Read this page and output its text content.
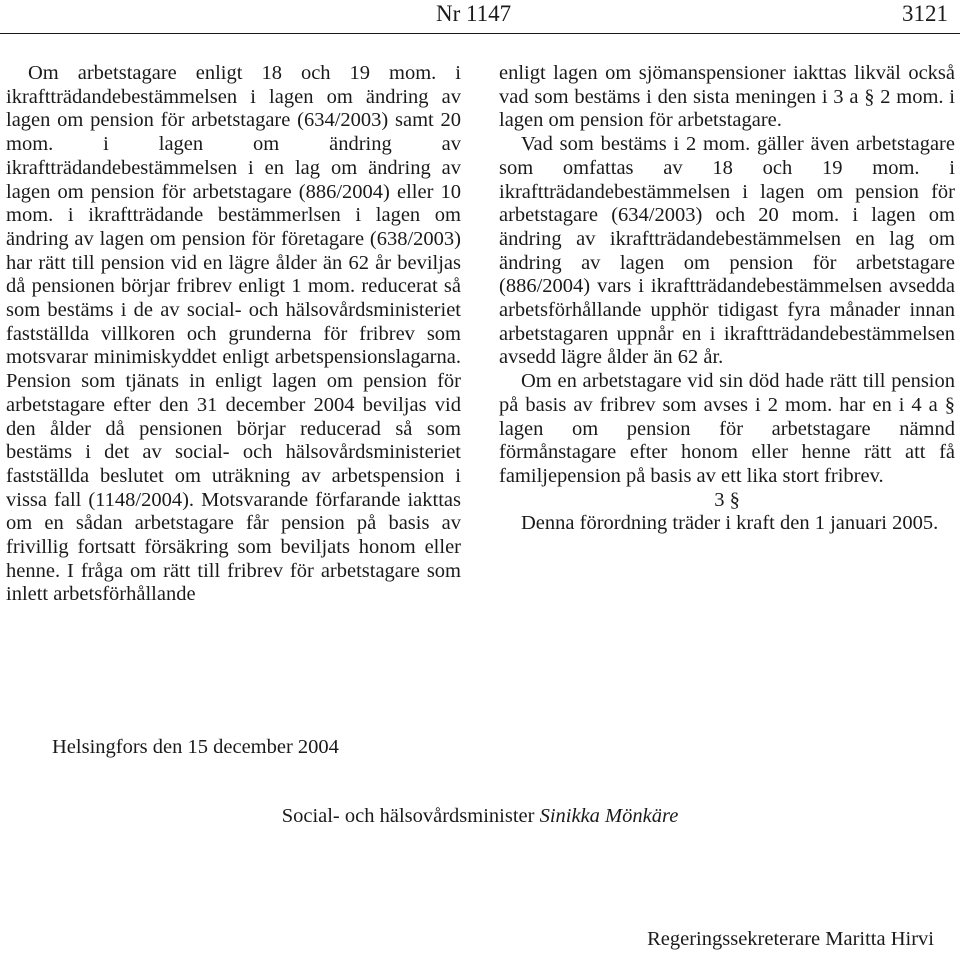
Nr 1147	3121

Om arbetstagare enligt 18 och 19 mom. i ikraftträdandebestämmelsen i lagen om ändring av lagen om pension för arbetstagare (634/2003) samt 20 mom. i lagen om ändring av ikraftträdandebestämmelsen i en lag om ändring av lagen om pension för arbetstagare (886/2004) eller 10 mom. i ikraftträdande bestämmerlsen i lagen om ändring av lagen om pension för företagare (638/2003) har rätt till pension vid en lägre ålder än 62 år beviljas då pensionen börjar fribrev enligt 1 mom. reducerat så som bestäms i de av social- och hälsovårdsministeriet fastställda villkoren och grunderna för fribrev som motsvarar minimiskyddet enligt arbetspensionslagarna. Pension som tjänats in enligt lagen om pension för arbetstagare efter den 31 december 2004 beviljas vid den ålder då pensionen börjar reducerad så som bestäms i det av social- och hälsovårdsministeriet fastställda beslutet om uträkning av arbetspension i vissa fall (1148/2004). Motsvarande förfarande iakttas om en sådan arbetstagare får pension på basis av frivillig fortsatt försäkring som beviljats honom eller henne. I fråga om rätt till fribrev för arbetstagare som inlett arbetsförhållande

enligt lagen om sjömanspensioner iakttas likväl också vad som bestäms i den sista meningen i 3 a § 2 mom. i lagen om pension för arbetstagare.

Vad som bestäms i 2 mom. gäller även arbetstagare som omfattas av 18 och 19 mom. i ikraftträdandebestämmelsen i lagen om pension för arbetstagare (634/2003) och 20 mom. i lagen om ändring av ikraftträdandebestämmelsen en lag om ändring av lagen om pension för arbetstagare (886/2004) vars i ikraftträdandebestämmelsen avsedda arbetsförhållande upphör tidigast fyra månader innan arbetstagaren uppnår en i ikraftträdandebestämmelsen avsedd lägre ålder än 62 år.

Om en arbetstagare vid sin död hade rätt till pension på basis av fribrev som avses i 2 mom. har en i 4 a § lagen om pension för arbetstagare nämnd förmånstagare efter honom eller henne rätt att få familjepension på basis av ett lika stort fribrev.

3 §

Denna förordning träder i kraft den 1 januari 2005.

Helsingfors den 15 december 2004
Social- och hälsovårdsminister Sinikka Mönkäre
Regeringssekreterare Maritta Hirvi
